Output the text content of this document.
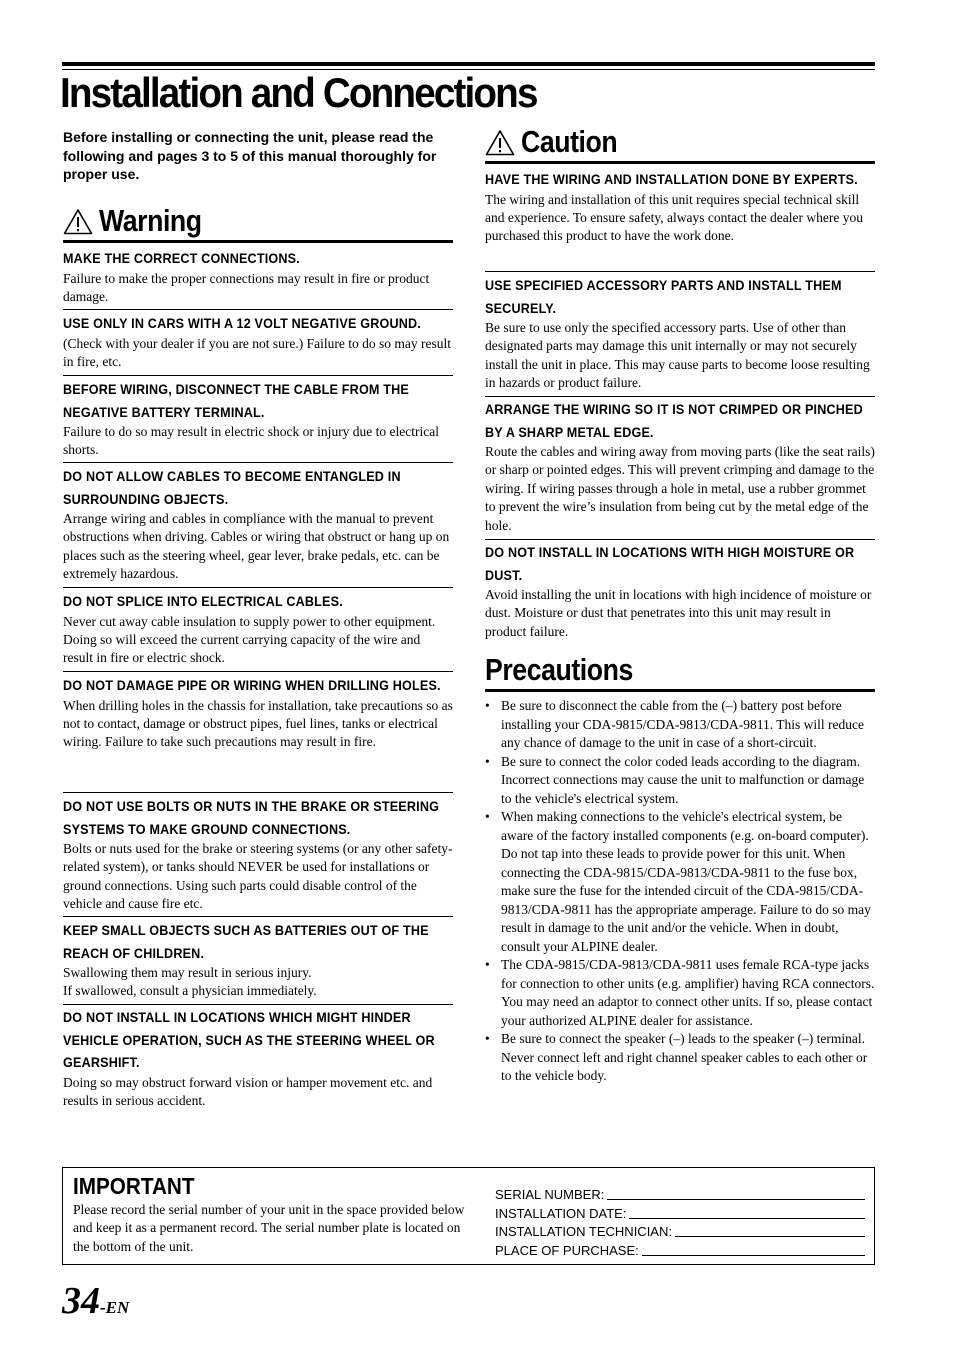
Installation and Connections
Before installing or connecting the unit, please read the following and pages 3 to 5 of this manual thoroughly for proper use.
Warning
MAKE THE CORRECT CONNECTIONS.
Failure to make the proper connections may result in fire or product damage.
USE ONLY IN CARS WITH A 12 VOLT NEGATIVE GROUND.
(Check with your dealer if you are not sure.) Failure to do so may result in fire, etc.
BEFORE WIRING, DISCONNECT THE CABLE FROM THE NEGATIVE BATTERY TERMINAL.
Failure to do so may result in electric shock or injury due to electrical shorts.
DO NOT ALLOW CABLES TO BECOME ENTANGLED IN SURROUNDING OBJECTS.
Arrange wiring and cables in compliance with the manual to prevent obstructions when driving. Cables or wiring that obstruct or hang up on places such as the steering wheel, gear lever, brake pedals, etc. can be extremely hazardous.
DO NOT SPLICE INTO ELECTRICAL CABLES.
Never cut away cable insulation to supply power to other equipment. Doing so will exceed the current carrying capacity of the wire and result in fire or electric shock.
DO NOT DAMAGE PIPE OR WIRING WHEN DRILLING HOLES.
When drilling holes in the chassis for installation, take precautions so as not to contact, damage or obstruct pipes, fuel lines, tanks or electrical wiring. Failure to take such precautions may result in fire.
DO NOT USE BOLTS OR NUTS IN THE BRAKE OR STEERING SYSTEMS TO MAKE GROUND CONNECTIONS.
Bolts or nuts used for the brake or steering systems (or any other safety-related system), or tanks should NEVER be used for installations or ground connections. Using such parts could disable control of the vehicle and cause fire etc.
KEEP SMALL OBJECTS SUCH AS BATTERIES OUT OF THE REACH OF CHILDREN.
Swallowing them may result in serious injury.
If swallowed, consult a physician immediately.
DO NOT INSTALL IN LOCATIONS WHICH MIGHT HINDER VEHICLE OPERATION, SUCH AS THE STEERING WHEEL OR GEARSHIFT.
Doing so may obstruct forward vision or hamper movement etc. and results in serious accident.
Caution
HAVE THE WIRING AND INSTALLATION DONE BY EXPERTS.
The wiring and installation of this unit requires special technical skill and experience. To ensure safety, always contact the dealer where you purchased this product to have the work done.
USE SPECIFIED ACCESSORY PARTS AND INSTALL THEM SECURELY.
Be sure to use only the specified accessory parts. Use of other than designated parts may damage this unit internally or may not securely install the unit in place. This may cause parts to become loose resulting in hazards or product failure.
ARRANGE THE WIRING SO IT IS NOT CRIMPED OR PINCHED BY A SHARP METAL EDGE.
Route the cables and wiring away from moving parts (like the seat rails) or sharp or pointed edges. This will prevent crimping and damage to the wiring. If wiring passes through a hole in metal, use a rubber grommet to prevent the wire’s insulation from being cut by the metal edge of the hole.
DO NOT INSTALL IN LOCATIONS WITH HIGH MOISTURE OR DUST.
Avoid installing the unit in locations with high incidence of moisture or dust. Moisture or dust that penetrates into this unit may result in product failure.
Precautions
• Be sure to disconnect the cable from the (–) battery post before installing your CDA-9815/CDA-9813/CDA-9811. This will reduce any chance of damage to the unit in case of a short-circuit.
• Be sure to connect the color coded leads according to the diagram. Incorrect connections may cause the unit to malfunction or damage to the vehicle's electrical system.
• When making connections to the vehicle's electrical system, be aware of the factory installed components (e.g. on-board computer). Do not tap into these leads to provide power for this unit. When connecting the CDA-9815/CDA-9813/CDA-9811 to the fuse box, make sure the fuse for the intended circuit of the CDA-9815/CDA-9813/CDA-9811 has the appropriate amperage. Failure to do so may result in damage to the unit and/or the vehicle. When in doubt, consult your ALPINE dealer.
• The CDA-9815/CDA-9813/CDA-9811 uses female RCA-type jacks for connection to other units (e.g. amplifier) having RCA connectors. You may need an adaptor to connect other units. If so, please contact your authorized ALPINE dealer for assistance.
• Be sure to connect the speaker (–) leads to the speaker (–) terminal. Never connect left and right channel speaker cables to each other or to the vehicle body.
IMPORTANT
Please record the serial number of your unit in the space provided below and keep it as a permanent record. The serial number plate is located on the bottom of the unit.
SERIAL NUMBER:
INSTALLATION DATE:
INSTALLATION TECHNICIAN:
PLACE OF PURCHASE:
34-EN
